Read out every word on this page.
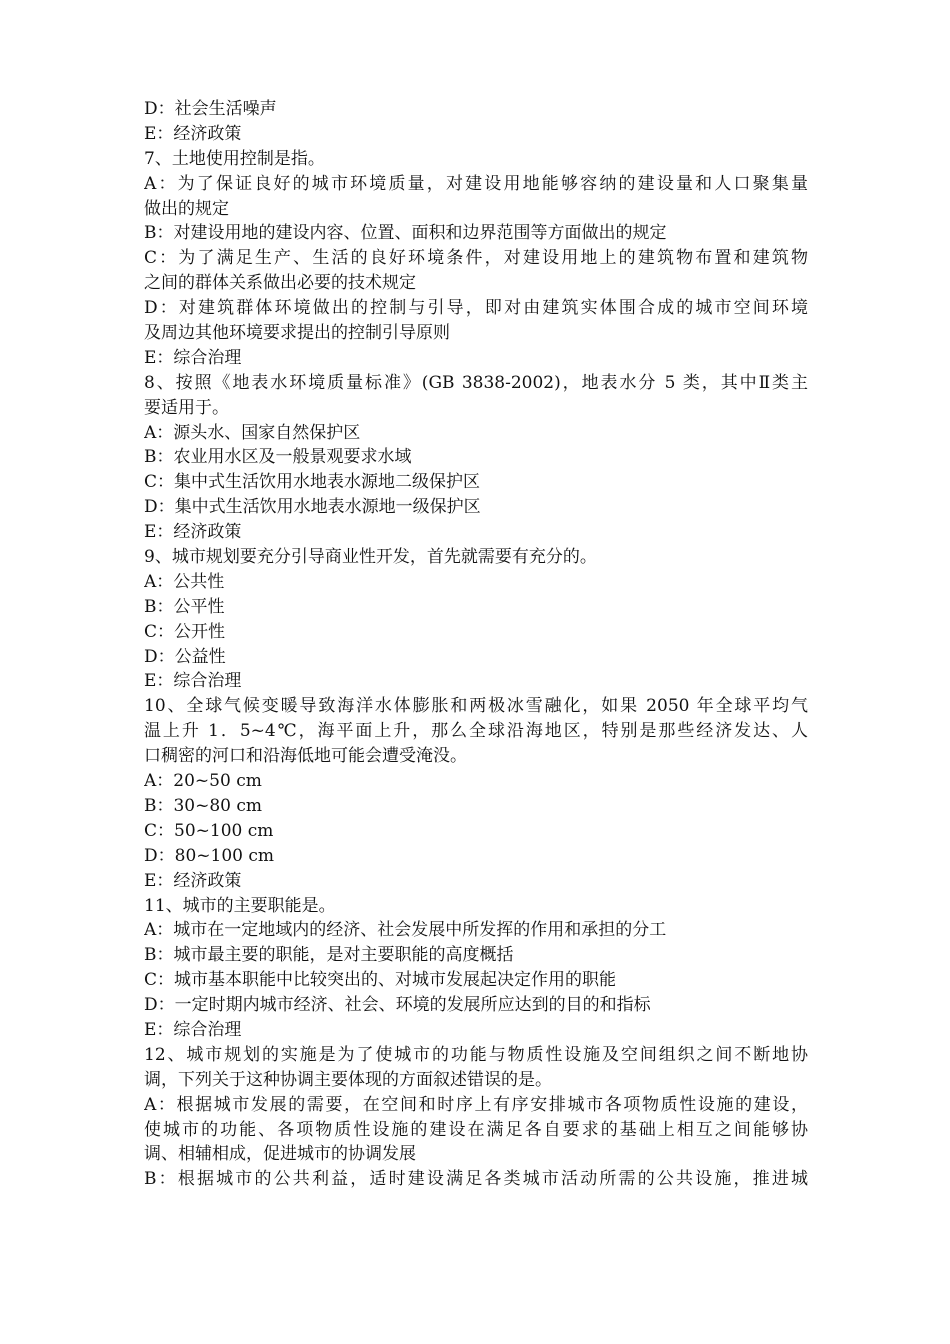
D：社会生活噪声
E：经济政策
7、土地使用控制是指。
A：为了保证良好的城市环境质量，对建设用地能够容纳的建设量和人口聚集量
做出的规定
B：对建设用地的建设内容、位置、面积和边界范围等方面做出的规定
C：为了满足生产、生活的良好环境条件，对建设用地上的建筑物布置和建筑物
之间的群体关系做出必要的技术规定
D：对建筑群体环境做出的控制与引导，即对由建筑实体围合成的城市空间环境
及周边其他环境要求提出的控制引导原则
E：综合治理
8、按照《地表水环境质量标准》(GB 3838-2002)，地表水分 5 类，其中Ⅱ类主
要适用于。
A：源头水、国家自然保护区
B：农业用水区及一般景观要求水域
C：集中式生活饮用水地表水源地二级保护区
D：集中式生活饮用水地表水源地一级保护区
E：经济政策
9、城市规划要充分引导商业性开发，首先就需要有充分的。
A：公共性
B：公平性
C：公开性
D：公益性
E：综合治理
10、全球气候变暖导致海洋水体膨胀和两极冰雪融化，如果 2050 年全球平均气
温上升 1．5~4℃，海平面上升，那么全球沿海地区，特别是那些经济发达、人
口稠密的河口和沿海低地可能会遭受淹没。
A：20~50 cm
B：30~80 cm
C：50~100 cm
D：80~100 cm
E：经济政策
11、城市的主要职能是。
A：城市在一定地域内的经济、社会发展中所发挥的作用和承担的分工
B：城市最主要的职能，是对主要职能的高度概括
C：城市基本职能中比较突出的、对城市发展起决定作用的职能
D：一定时期内城市经济、社会、环境的发展所应达到的目的和指标
E：综合治理
12、城市规划的实施是为了使城市的功能与物质性设施及空间组织之间不断地协
调，下列关于这种协调主要体现的方面叙述错误的是。
A：根据城市发展的需要，在空间和时序上有序安排城市各项物质性设施的建设，
使城市的功能、各项物质性设施的建设在满足各自要求的基础上相互之间能够协
调、相辅相成，促进城市的协调发展
B：根据城市的公共利益，适时建设满足各类城市活动所需的公共设施，推进城
